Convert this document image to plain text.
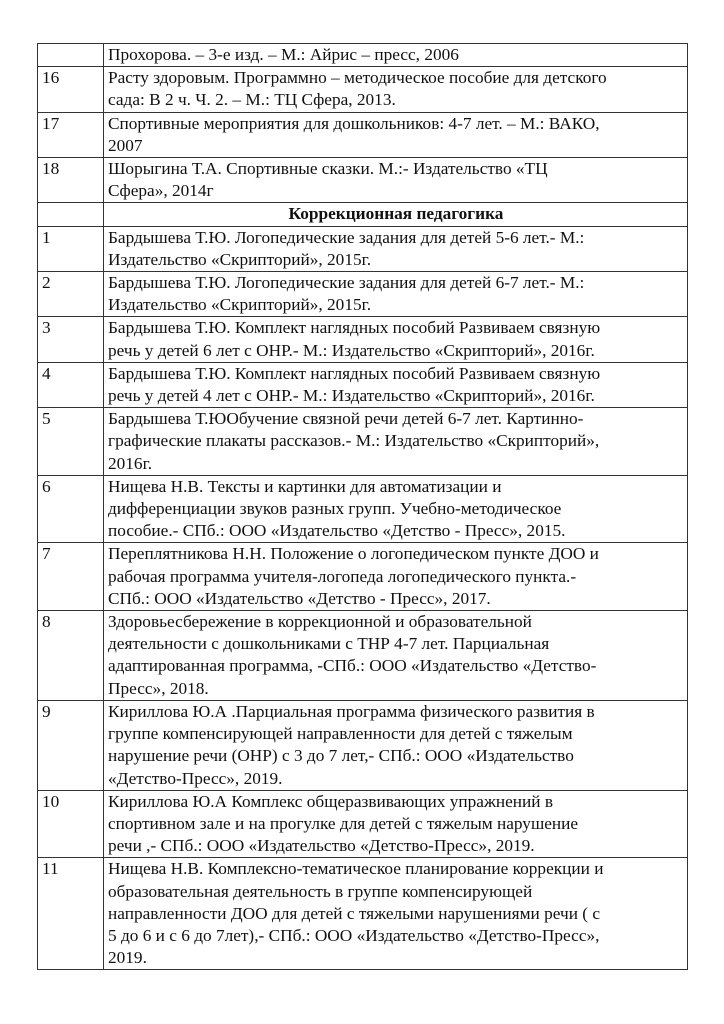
	Прохорова. – 3-е изд. – М.: Айрис – пресс, 2006

16	Расту здоровым. Программно – методическое пособие для детского
сада: В 2 ч. Ч. 2. – М.: ТЦ Сфера, 2013.

17	Спортивные мероприятия для дошкольников: 4-7 лет. – М.: ВАКО,
2007

18	Шорыгина Т.А. Спортивные сказки. М.:- Издательство «ТЦ
Сфера», 2014г

	Коррекционная педагогика
1	Бардышева Т.Ю. Логопедические задания для детей 5-6 лет.- М.:
Издательство «Скрипторий», 2015г.

2	Бардышева Т.Ю. Логопедические задания для детей 6-7 лет.- М.:
Издательство «Скрипторий», 2015г.

3	Бардышева Т.Ю. Комплект наглядных пособий Развиваем связную
речь у детей 6 лет с ОНР.- М.: Издательство «Скрипторий», 2016г.

4	Бардышева Т.Ю. Комплект наглядных пособий Развиваем связную
речь у детей 4 лет с ОНР.- М.: Издательство «Скрипторий», 2016г.

5	Бардышева Т.ЮОбучение связной речи детей 6-7 лет. Картинно-
графические плакаты рассказов.- М.: Издательство «Скрипторий»,
2016г.

6	Нищева Н.В. Тексты и картинки для автоматизации и
дифференциации звуков разных групп. Учебно-методическое
пособие.- СПб.: ООО «Издательство «Детство - Пресс», 2015.

7	Переплятникова Н.Н. Положение о логопедическом пункте ДОО и
рабочая программа учителя-логопеда логопедического пункта.-
СПб.: ООО «Издательство «Детство - Пресс», 2017.

8	Здоровьесбережение в коррекционной и образовательной
деятельности с дошкольниками с ТНР 4-7 лет. Парциальная
адаптированная программа, -СПб.: ООО «Издательство «Детство-
Пресс», 2018.

9	Кириллова Ю.А .Парциальная программа физического развития в
группе компенсирующей направленности для детей с тяжелым
нарушение речи (ОНР) с 3 до 7 лет,- СПб.: ООО «Издательство
«Детство-Пресс», 2019.

10	Кириллова Ю.А Комплекс общеразвивающих упражнений в
спортивном зале и на прогулке для детей с тяжелым нарушение
речи ,- СПб.: ООО «Издательство «Детство-Пресс», 2019.

11	Нищева Н.В. Комплексно-тематическое планирование коррекции и
образовательная деятельность в группе компенсирующей
направленности ДОО для детей с тяжелыми нарушениями речи ( с
5 до 6 и с 6 до 7лет),- СПб.: ООО «Издательство «Детство-Пресс»,
2019.
